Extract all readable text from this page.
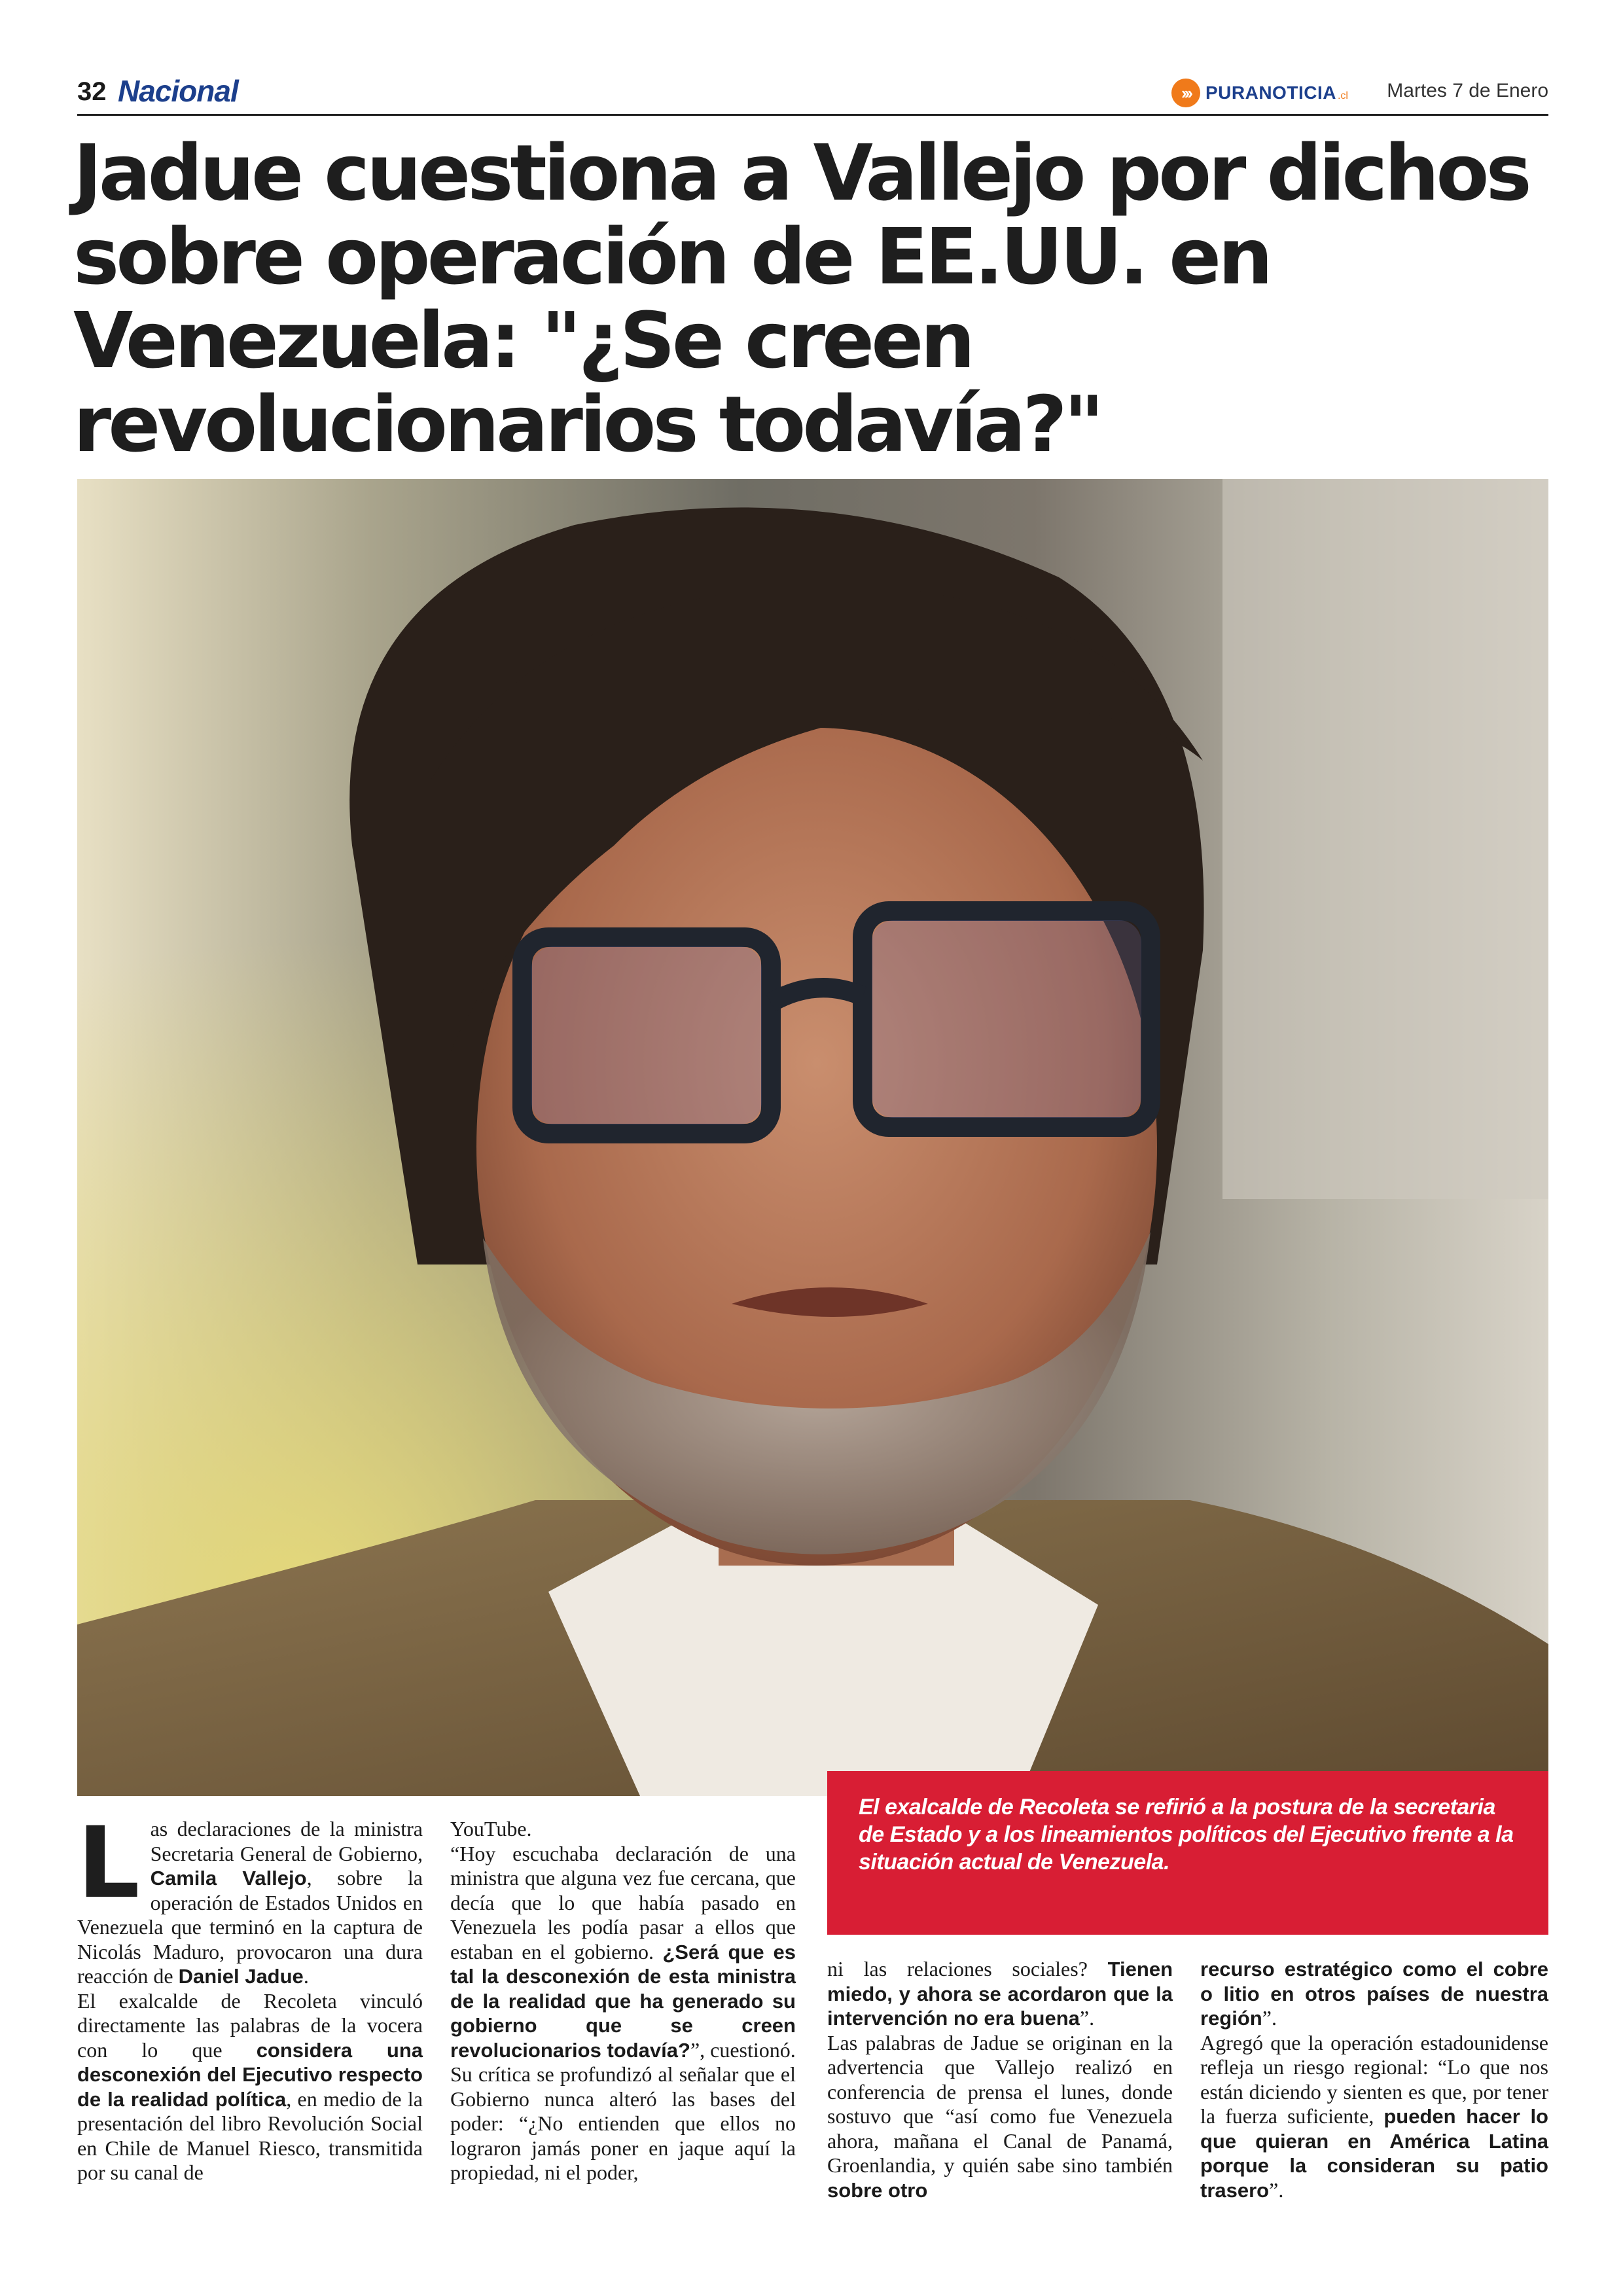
32 Nacional	››› PURANOTICIA .cl Martes 7 de Enero
Jadue cuestiona a Vallejo por dichos sobre operación de EE.UU. en Venezuela: "¿Se creen revolucionarios todavía?"

El exalcalde de Recoleta se refirió a la postura de la secretaria de Estado y a los lineamientos políticos del Ejecutivo frente a la situación actual de Venezuela.

Las declaraciones de la ministra Secretaria General de Gobierno, Camila Vallejo, sobre la operación de Estados Unidos en Venezuela que terminó en la captura de Nicolás Maduro, provocaron una dura reacción de Daniel Jadue.

El exalcalde de Recoleta vinculó directamente las palabras de la vocera con lo que considera una desconexión del Ejecutivo respecto de la realidad política, en medio de la presentación del libro Revolución Social en Chile de Manuel Riesco, transmitida por su canal de

YouTube.

“Hoy escuchaba declaración de una ministra que alguna vez fue cercana, que decía que lo que había pasado en Venezuela les podía pasar a ellos que estaban en el gobierno. ¿Será que es tal la desconexión de esta ministra de la realidad que ha generado su gobierno que se creen revolucionarios todavía?”, cuestionó.

Su crítica se profundizó al señalar que el Gobierno nunca alteró las bases del poder: “¿No entienden que ellos no lograron jamás poner en jaque aquí la propiedad, ni el poder,

ni las relaciones sociales? Tienen miedo, y ahora se acordaron que la intervención no era buena”.

Las palabras de Jadue se originan en la advertencia que Vallejo realizó en conferencia de prensa el lunes, donde sostuvo que “así como fue Venezuela ahora, mañana el Canal de Panamá, Groenlandia, y quién sabe sino también sobre otro

recurso estratégico como el cobre o litio en otros países de nuestra región”.

Agregó que la operación estadounidense refleja un riesgo regional: “Lo que nos están diciendo y sienten es que, por tener la fuerza suficiente, pueden hacer lo que quieran en América Latina porque la consideran su patio trasero”.
